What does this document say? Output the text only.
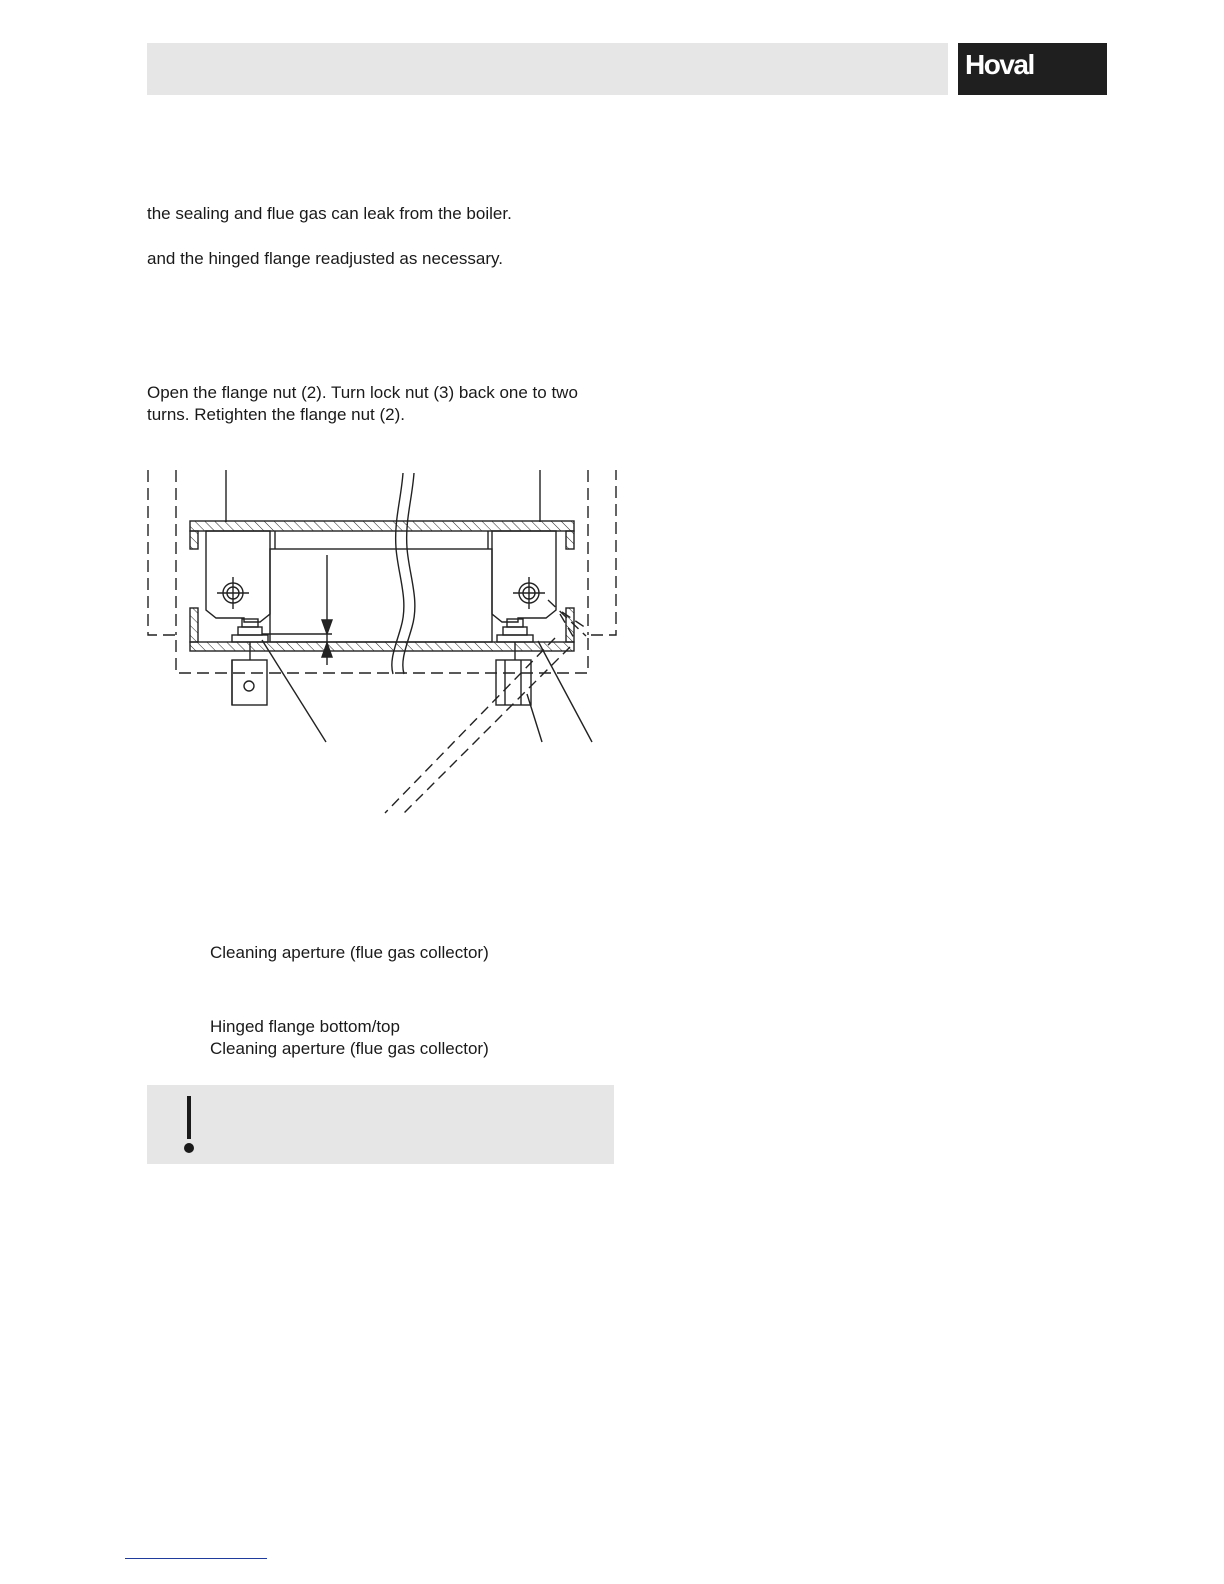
Hoval
the sealing and flue gas can leak from the boiler.
and the hinged flange readjusted as necessary.
Open the flange nut (2). Turn lock nut (3) back one to two
turns. Retighten the flange nut (2).
Cleaning aperture (flue gas collector)
Hinged flange bottom/top
Cleaning aperture (flue gas collector)
